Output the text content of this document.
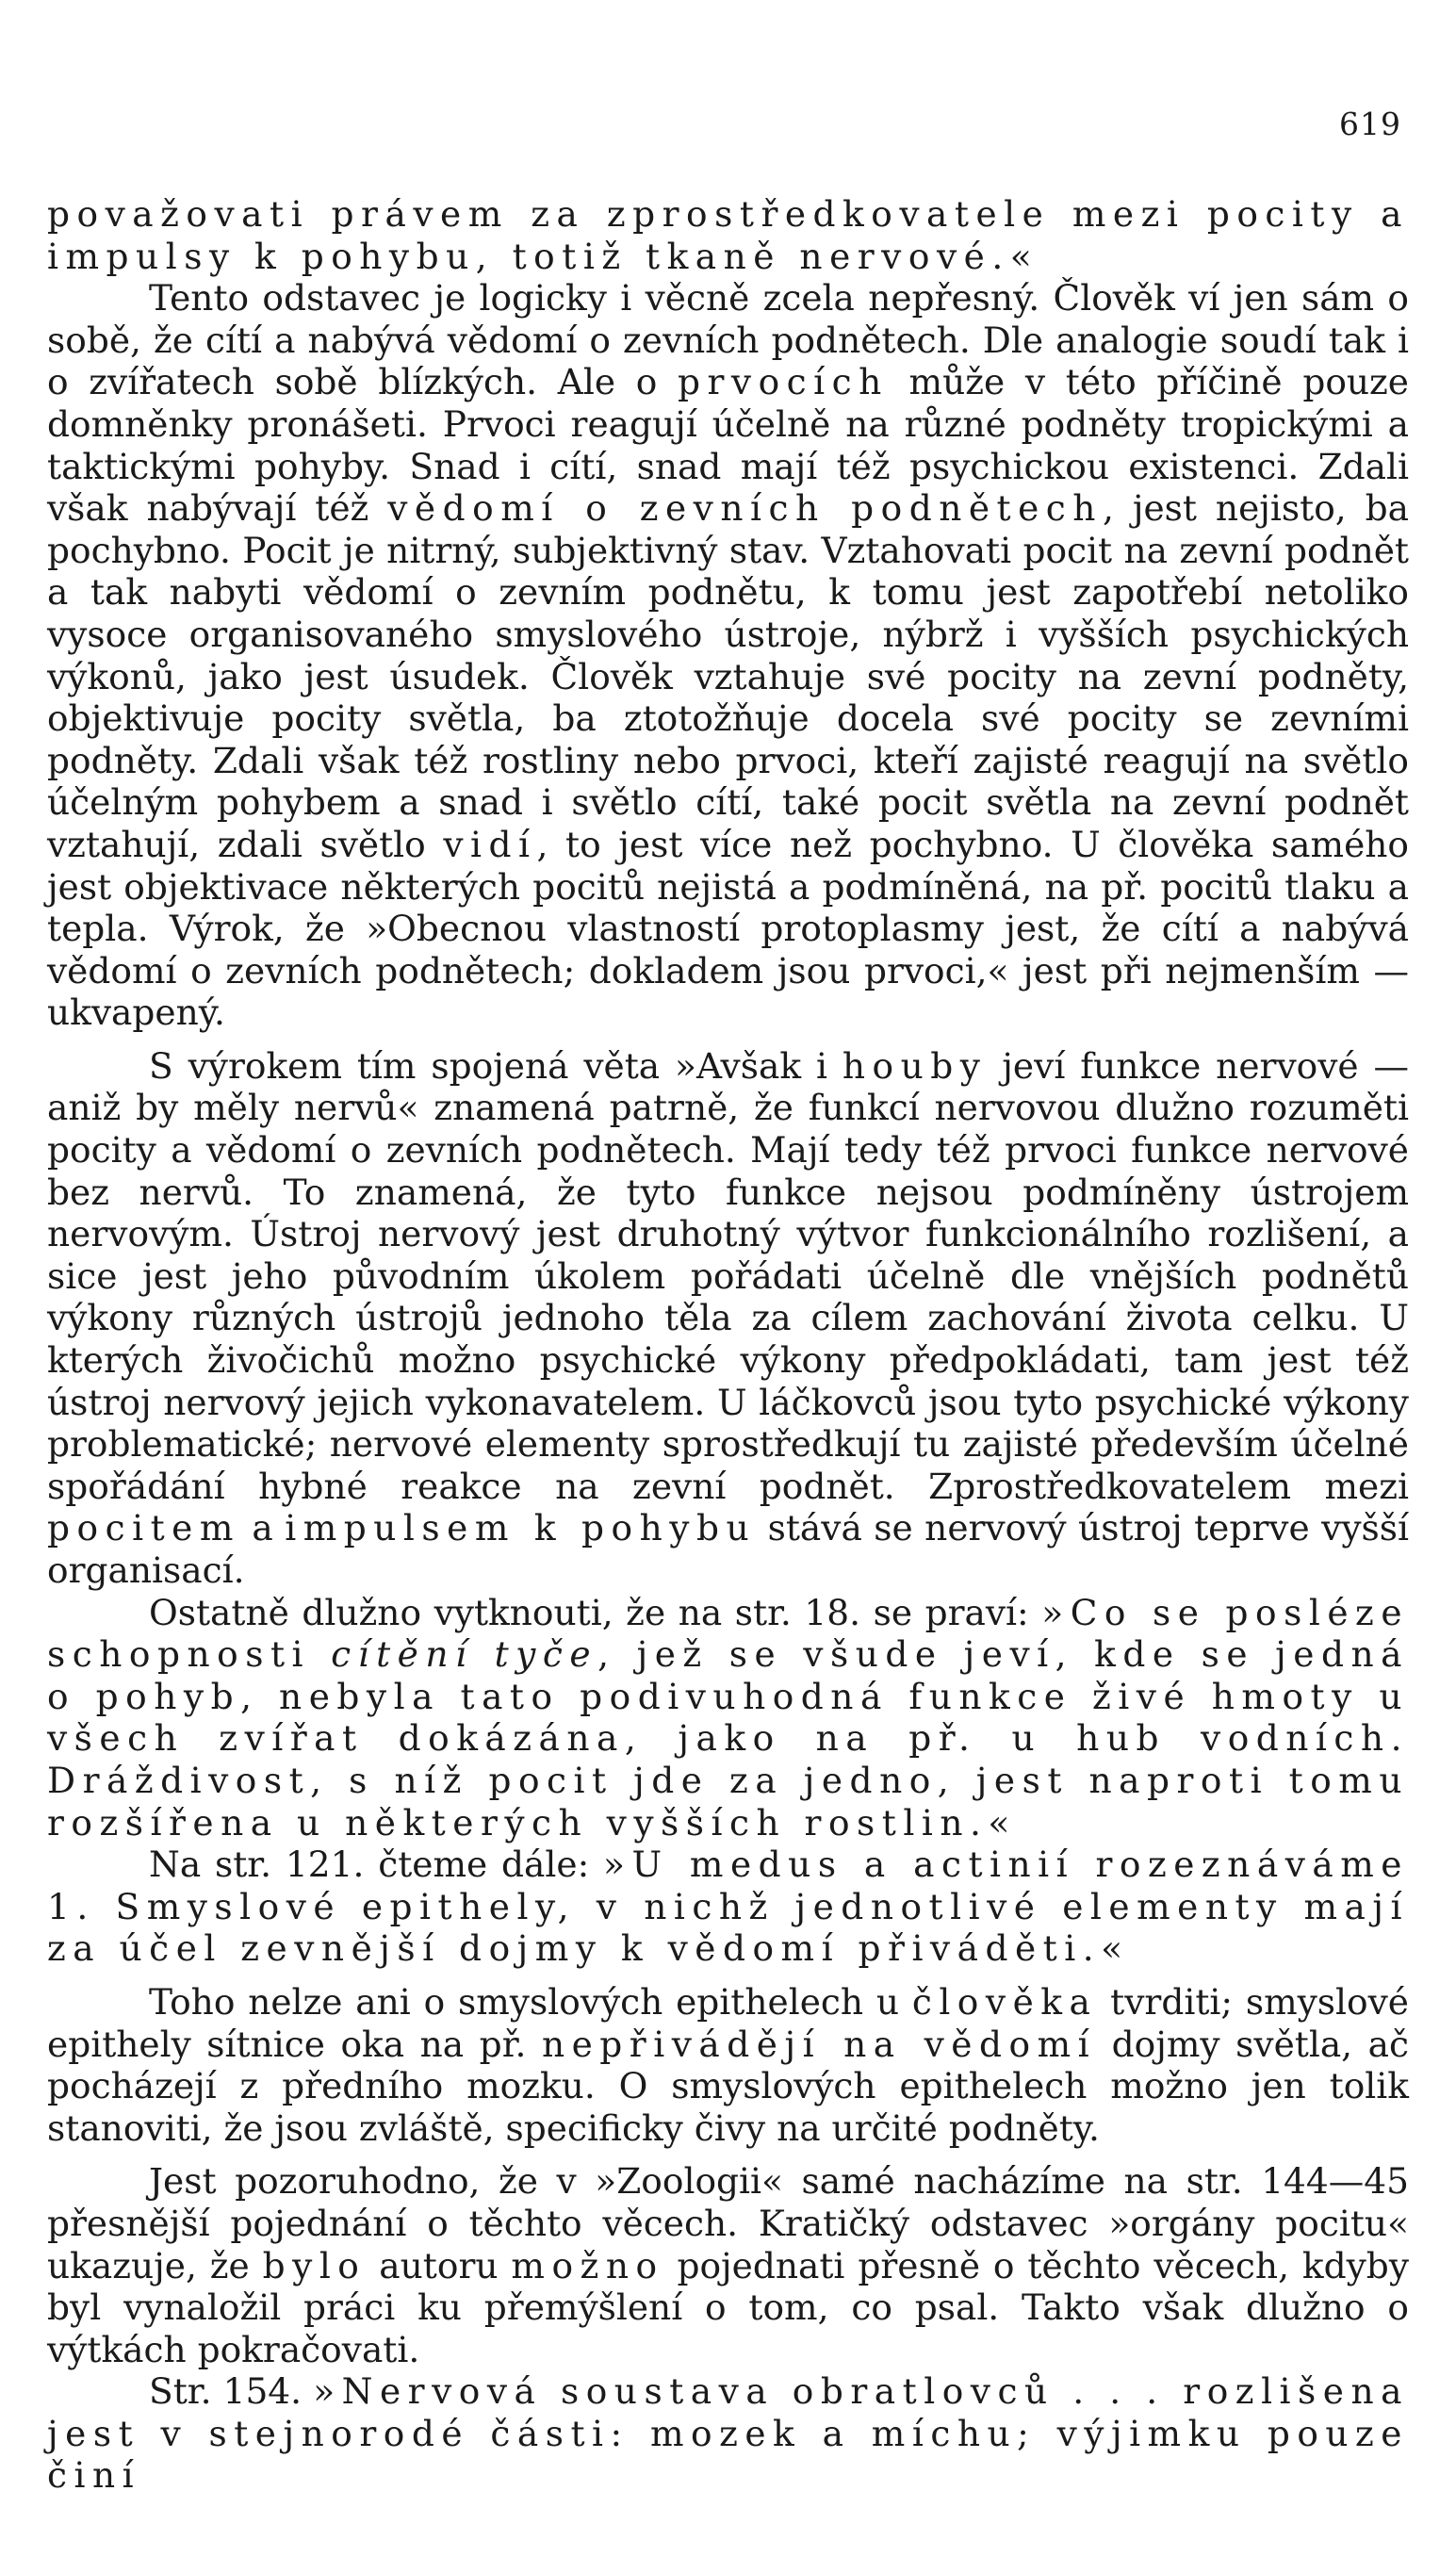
619

považovati právem za zprostředkovatele mezi pocity a impulsy k pohybu, totiž tkaně nervové.«

Tento odstavec je logicky i věcně zcela nepřesný. Člověk ví jen sám o sobě, že cítí a nabývá vědomí o zevních podnětech. Dle analogie soudí tak i o zvířatech sobě blízkých. Ale o prvocích může v této příčině pouze domněnky pronášeti. Prvoci reagují účelně na různé podněty tropickými a taktickými pohyby. Snad i cítí, snad mají též psychickou existenci. Zdali však nabývají též vědomí o zevních podnětech, jest nejisto, ba pochybno. Pocit je nitrný, subjektivný stav. Vztahovati pocit na zevní podnět a tak nabyti vědomí o zevním podnětu, k tomu jest zapotřebí netoliko vysoce organisovaného smyslového ústroje, nýbrž i vyšších psychických výkonů, jako jest úsudek. Člověk vztahuje své pocity na zevní podněty, objektivuje pocity světla, ba ztotožňuje docela své pocity se zevními podněty. Zdali však též rostliny nebo prvoci, kteří zajisté reagují na světlo účelným pohybem a snad i světlo cítí, také pocit světla na zevní podnět vztahují, zdali světlo vidí, to jest více než pochybno. U člověka samého jest objektivace některých pocitů nejistá a podmíněná, na př. pocitů tlaku a tepla. Výrok, že »Obecnou vlastností protoplasmy jest, že cítí a nabývá vědomí o zevních podnětech; dokladem jsou prvoci,« jest při nejmenším — ukvapený.

S výrokem tím spojená věta »Avšak i houby jeví funkce nervové — aniž by měly nervů« znamená patrně, že funkcí nervovou dlužno rozuměti pocity a vědomí o zevních podnětech. Mají tedy též prvoci funkce nervové bez nervů. To znamená, že tyto funkce nejsou podmíněny ústrojem nervovým. Ústroj nervový jest druhotný výtvor funkcionálního rozlišení, a sice jest jeho původním úkolem pořádati účelně dle vnějších podnětů výkony různých ústrojů jednoho těla za cílem zachování života celku. U kterých živočichů možno psychické výkony předpokládati, tam jest též ústroj nervový jejich vykonavatelem. U láčkovců jsou tyto psychické výkony problematické; nervové elementy sprostředkují tu zajisté především účelné spořádání hybné reakce na zevní podnět. Zprostředkovatelem mezi pocitem a impulsem k pohybu stává se nervový ústroj teprve vyšší organisací.

Ostatně dlužno vytknouti, že na str. 18. se praví: »Co se posléze schopnosti cítění tyče, jež se všude jeví, kde se jedná o pohyb, nebyla tato podivuhodná funkce živé hmoty u všech zvířat dokázána, jako na př. u hub vodních. Dráždivost, s níž pocit jde za jedno, jest naproti tomu rozšířena u některých vyšších rostlin.«

Na str. 121. čteme dále: »U medus a actinií rozeznáváme 1. Smyslové epithely, v nichž jednotlivé elementy mají za účel zevnější dojmy k vědomí přiváděti.«

Toho nelze ani o smyslových epithelech u člověka tvrditi; smyslové epithely sítnice oka na př. nepřivádějí na vědomí dojmy světla, ač pocházejí z předního mozku. O smyslových epithelech možno jen tolik stanoviti, že jsou zvláště, specificky čivy na určité podněty.

Jest pozoruhodno, že v »Zoologii« samé nacházíme na str. 144—45 přesnější pojednání o těchto věcech. Kratičký odstavec »orgány pocitu« ukazuje, že bylo autoru možno pojednati přesně o těchto věcech, kdyby byl vynaložil práci ku přemýšlení o tom, co psal. Takto však dlužno o výtkách pokračovati.

Str. 154. »Nervová soustava obratlovců . . . rozlišena jest v stejnorodé části: mozek a míchu; výjimku pouze činí
